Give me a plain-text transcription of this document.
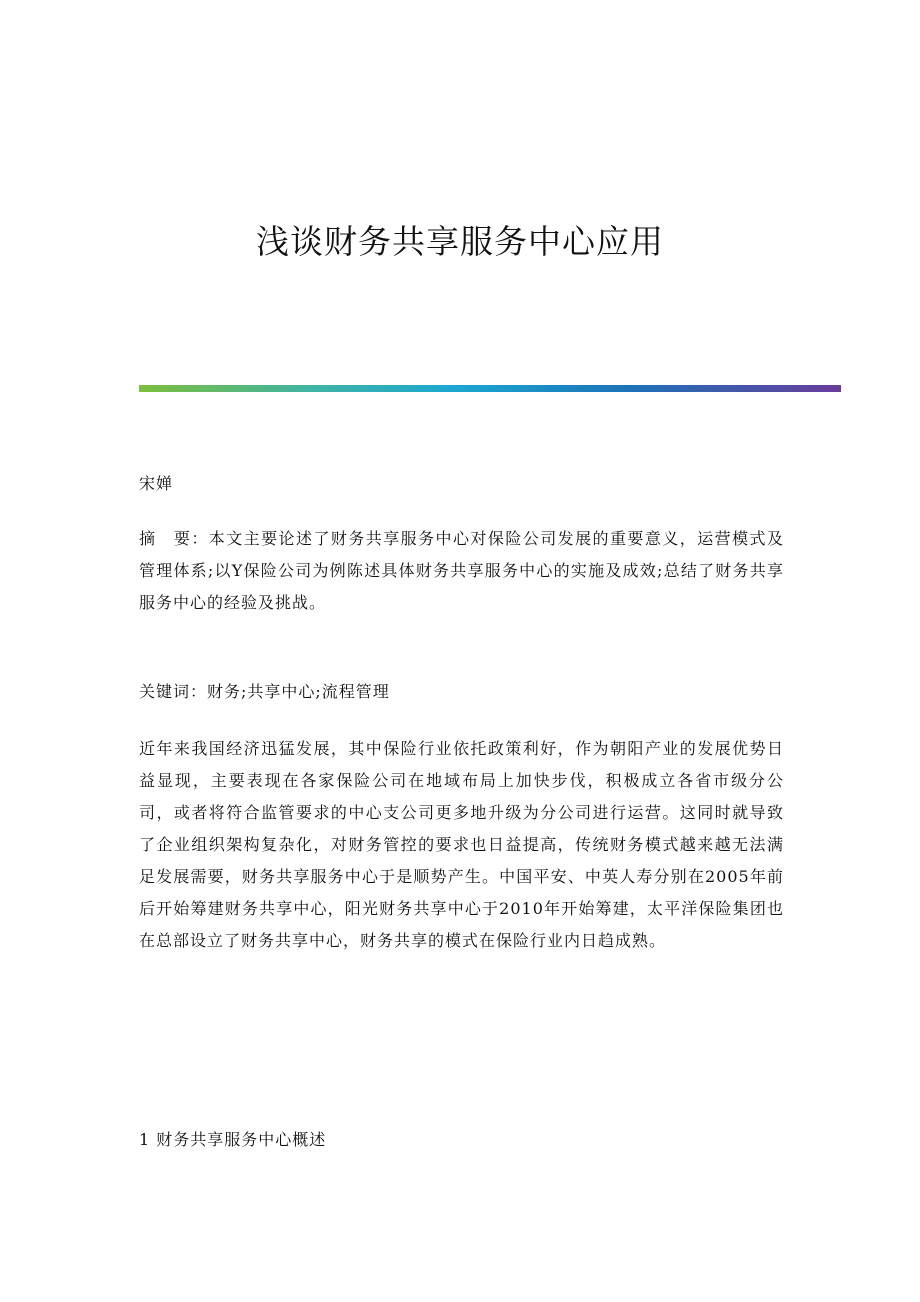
浅谈财务共享服务中心应用

宋婵

摘　要：本文主要论述了财务共享服务中心对保险公司发展的重要意义，运营模式及管理体系;以Y保险公司为例陈述具体财务共享服务中心的实施及成效;总结了财务共享服务中心的经验及挑战。

关键词：财务;共享中心;流程管理

近年来我国经济迅猛发展，其中保险行业依托政策利好，作为朝阳产业的发展优势日益显现，主要表现在各家保险公司在地域布局上加快步伐，积极成立各省市级分公司，或者将符合监管要求的中心支公司更多地升级为分公司进行运营。这同时就导致了企业组织架构复杂化，对财务管控的要求也日益提高，传统财务模式越来越无法满足发展需要，财务共享服务中心于是顺势产生。中国平安、中英人寿分别在2005年前后开始筹建财务共享中心，阳光财务共享中心于2010年开始筹建，太平洋保险集团也在总部设立了财务共享中心，财务共享的模式在保险行业内日趋成熟。

1 财务共享服务中心概述
